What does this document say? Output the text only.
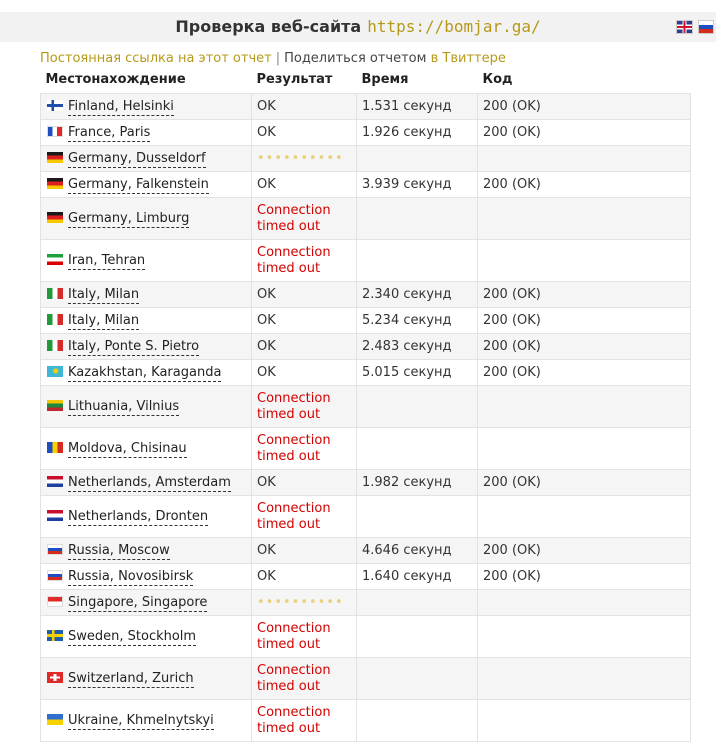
Проверка веб-сайта https://bomjar.ga/
Постоянная ссылка на этот отчет | Поделиться отчетом в Твиттере
Местонахождение	Результат	Время	Код
Finland, Helsinki	OK	1.531 секунд	200 (OK)
France, Paris	OK	1.926 секунд	200 (OK)
Germany, Dusseldorf	••••••••••		
Germany, Falkenstein	OK	3.939 секунд	200 (OK)
Germany, Limburg	Connection timed out		
Iran, Tehran	Connection timed out		
Italy, Milan	OK	2.340 секунд	200 (OK)
Italy, Milan	OK	5.234 секунд	200 (OK)
Italy, Ponte S. Pietro	OK	2.483 секунд	200 (OK)
Kazakhstan, Karaganda	OK	5.015 секунд	200 (OK)
Lithuania, Vilnius	Connection timed out		
Moldova, Chisinau	Connection timed out		
Netherlands, Amsterdam	OK	1.982 секунд	200 (OK)
Netherlands, Dronten	Connection timed out		
Russia, Moscow	OK	4.646 секунд	200 (OK)
Russia, Novosibirsk	OK	1.640 секунд	200 (OK)
Singapore, Singapore	••••••••••		
Sweden, Stockholm	Connection timed out		
Switzerland, Zurich	Connection timed out		
Ukraine, Khmelnytskyi	Connection timed out		
